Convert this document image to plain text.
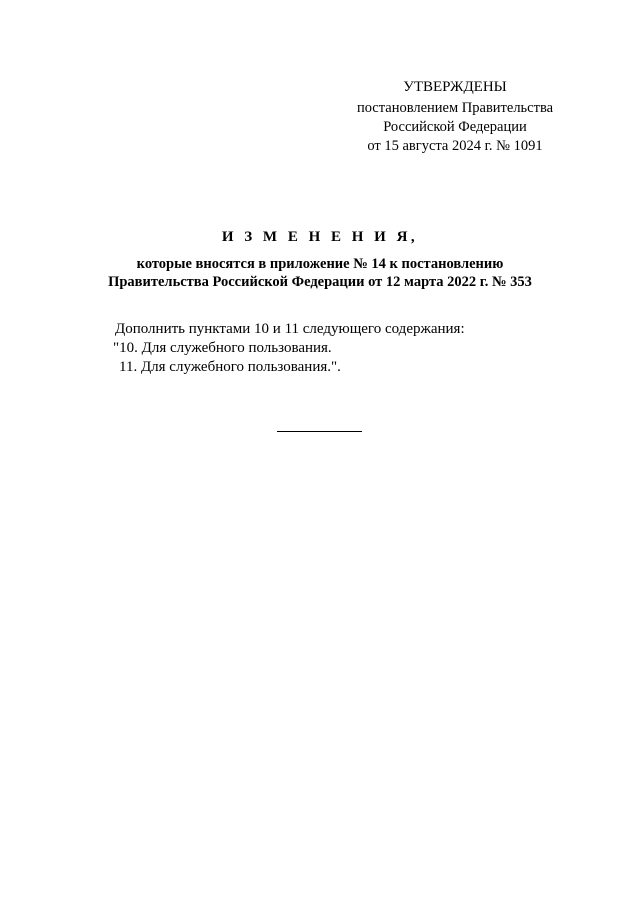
УТВЕРЖДЕНЫ
постановлением Правительства
Российской Федерации
от 15 августа 2024 г. № 1091
И З М Е Н Е Н И Я,
которые вносятся в приложение № 14 к постановлению
Правительства Российской Федерации от 12 марта 2022 г. № 353
Дополнить пунктами 10 и 11 следующего содержания:
"10. Для служебного пользования.
11. Для служебного пользования.".
